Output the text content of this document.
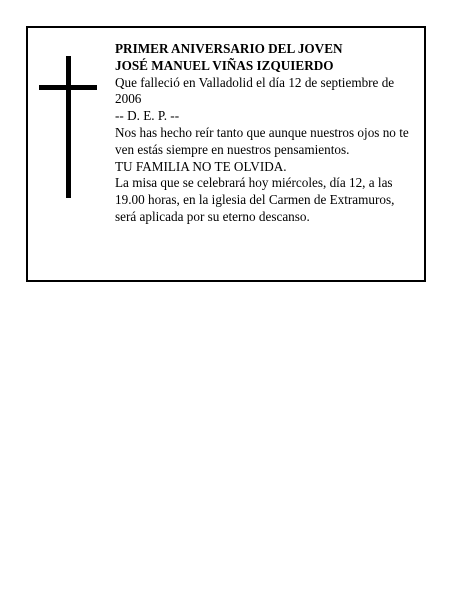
PRIMER ANIVERSARIO DEL JOVEN
JOSÉ MANUEL VIÑAS IZQUIERDO
Que falleció en Valladolid el día 12 de septiembre de 2006
-- D. E. P. --
Nos has hecho reír tanto que aunque nuestros ojos no te ven estás siempre en nuestros pensamientos.
TU FAMILIA NO TE OLVIDA.
La misa que se celebrará hoy miércoles, día 12, a las 19.00 horas, en la iglesia del Carmen de Extramuros, será aplicada por su eterno descanso.
